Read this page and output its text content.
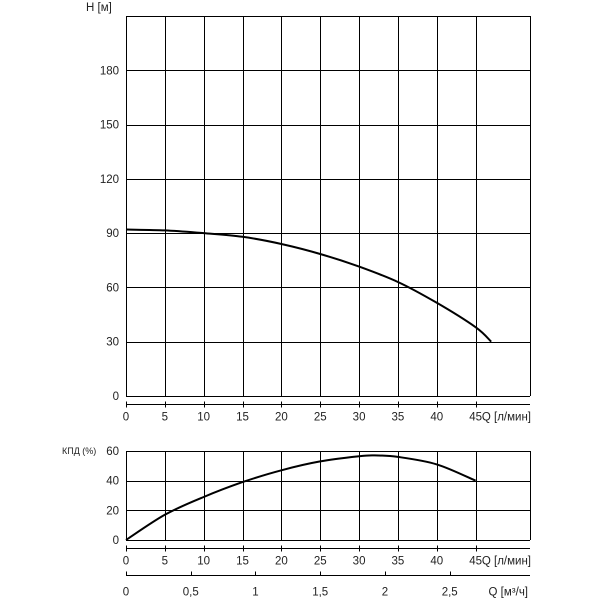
0
30
60
90
120
150
180
0	5	10 15 20 25 30 35 40 45 Q [л/мин]
H [м]
0
20
40
60
0	5	10 15 20 25 30 35 40 45 Q [л/мин]
КПД (%)
0	0,5	1	1,5	2	2,5	Q [м³/ч]
